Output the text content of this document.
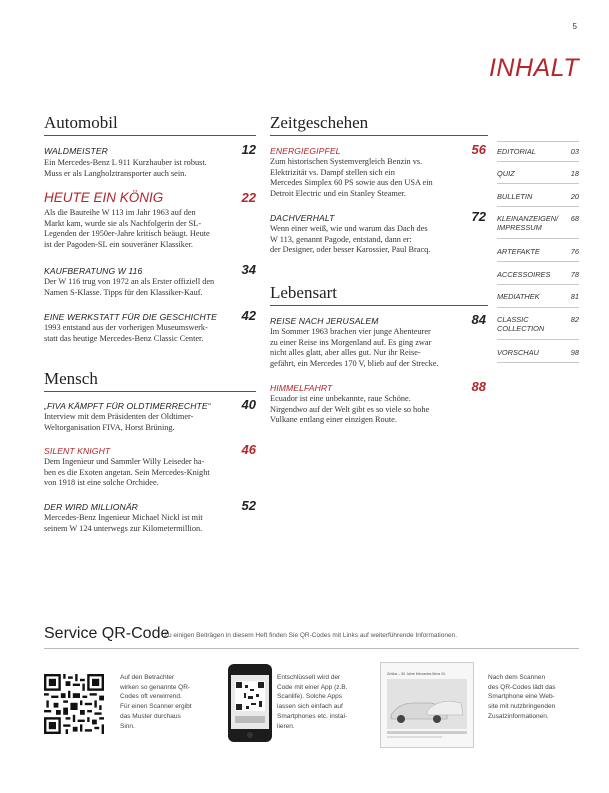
5
INHALT
Automobil
WALDMEISTER	12
Ein Mercedes-Benz L 911 Kurzhauber ist robust.
Muss er als Langholztransporter auch sein.
HEUTE EIN KÖNIG	22
Als die Baureihe W 113 im Jahr 1963 auf den
Markt kam, wurde sie als Nachfolgerin der SL-
Legenden der 1950er-Jahre kritisch beäugt. Heute
ist der Pagoden-SL ein souveräner Klassiker.
KAUFBERATUNG W 116	34
Der W 116 trug von 1972 an als Erster offiziell den
Namen S-Klasse. Tipps für den Klassiker-Kauf.
EINE WERKSTATT FÜR DIE GESCHICHTE	42
1993 entstand aus der vorherigen Museumswerk-
statt das heutige Mercedes-Benz Classic Center.
Mensch
„FIVA KÄMPFT FÜR OLDTIMERRECHTE“	40
Interview mit dem Präsidenten der Oldtimer-
Weltorganisation FIVA, Horst Brüning.
SILENT KNIGHT	46
Dem Ingenieur und Sammler Willy Leiseder ha-
ben es die Exoten angetan. Sein Mercedes-Knight
von 1918 ist eine solche Orchidee.
DER WIRD MILLIONÄR	52
Mercedes-Benz Ingenieur Michael Nickl ist mit
seinem W 124 unterwegs zur Kilometermillion.
Zeitgeschehen
ENERGIEGIPFEL	56
Zum historischen Systemvergleich Benzin vs.
Elektrizität vs. Dampf stellen sich ein
Mercedes Simplex 60 PS sowie aus den USA ein
Detroit Electric und ein Stanley Steamer.
DACHVERHALT	72
Wenn einer weiß, wie und warum das Dach des
W 113, genannt Pagode, entstand, dann er:
der Designer, oder besser Karossier, Paul Bracq.
Lebensart
REISE NACH JERUSALEM	84
Im Sommer 1963 brachen vier junge Abenteurer
zu einer Reise ins Morgenland auf. Es ging zwar
nicht alles glatt, aber alles gut. Nur ihr Reise-
gefährt, ein Mercedes 170 V, blieb auf der Strecke.
HIMMELFAHRT	88
Ecuador ist eine unbekannte, raue Schöne.
Nirgendwo auf der Welt gibt es so viele so hohe
Vulkane entlang einer einzigen Route.
EDITORIAL	03
QUIZ	18
BULLETIN	20
KLEINANZEIGEN/
IMPRESSUM
68
ARTEFAKTE	76
ACCESSOIRES	78
MEDIATHEK	81
CLASSIC
COLLECTION
82
VORSCHAU	98
Service QR-Code
Zu einigen Beiträgen in diesem Heft finden Sie QR-Codes mit Links auf weiterführende Informationen.
Auf den Betrachter
wirken so genannte QR-
Codes oft verwirrend.
Für einen Scanner ergibt
das Muster durchaus
Sinn.
Entschlüsselt wird der
Code mit einer App (z.B.
Scanlife). Solche Apps
lassen sich einfach auf
Smartphones etc. instal-
lieren.
Zeitlos – 50 Jahre Mercedes-Benz SL	Nach dem Scannen
des QR-Codes lädt das
Smartphone eine Web-
site mit nutzbringenden
Zusatzinformationen.
